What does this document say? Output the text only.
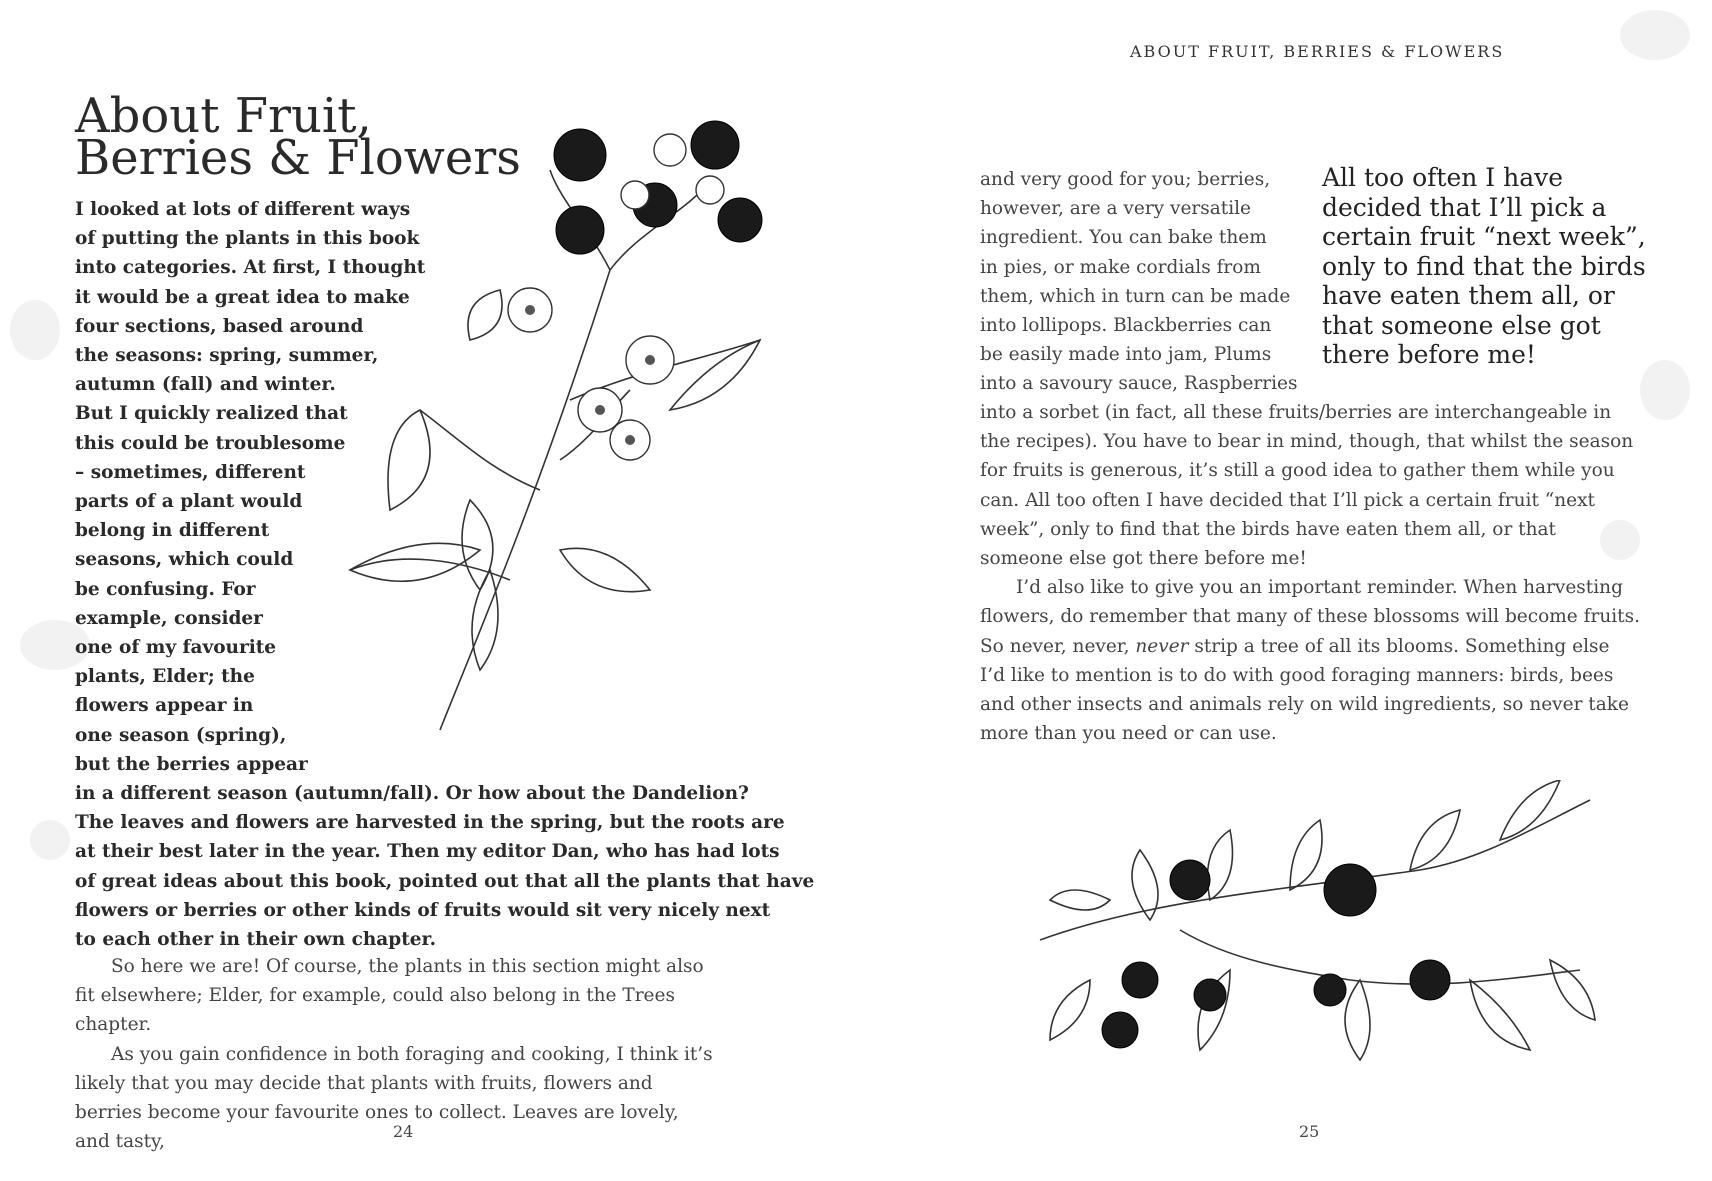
ABOUT FRUIT, BERRIES & FLOWERS
About Fruit,
Berries & Flowers
I looked at lots of different ways
of putting the plants in this book
into categories. At first, I thought
it would be a great idea to make
four sections, based around
the seasons: spring, summer,
autumn (fall) and winter.
But I quickly realized that
this could be troublesome
– sometimes, different
parts of a plant would
belong in different
seasons, which could
be confusing. For
example, consider
one of my favourite
plants, Elder; the
flowers appear in
one season (spring),
but the berries appear
in a different season (autumn/fall). Or how about the Dandelion?
The leaves and flowers are harvested in the spring, but the roots are
at their best later in the year. Then my editor Dan, who has had lots
of great ideas about this book, pointed out that all the plants that have
flowers or berries or other kinds of fruits would sit very nicely next
to each other in their own chapter.
So here we are! Of course, the plants in this section might also fit elsewhere; Elder, for example, could also belong in the Trees chapter.
As you gain confidence in both foraging and cooking, I think it’s likely that you may decide that plants with fruits, flowers and berries become your favourite ones to collect. Leaves are lovely, and tasty,
and very good for you; berries,
however, are a very versatile
ingredient. You can bake them
in pies, or make cordials from
them, which in turn can be made
into lollipops. Blackberries can
be easily made into jam, Plums
into a savoury sauce, Raspberries
All too often I have decided that I’ll pick a certain fruit “next week”, only to find that the birds have eaten them all, or that someone else got there before me!

into a sorbet (in fact, all these fruits/berries are interchangeable in the recipes). You have to bear in mind, though, that whilst the season for fruits is generous, it’s still a good idea to gather them while you can. All too often I have decided that I’ll pick a certain fruit “next week”, only to find that the birds have eaten them all, or that someone else got there before me!

I’d also like to give you an important reminder. When harvesting flowers, do remember that many of these blossoms will become fruits. So never, never, never strip a tree of all its blooms. Something else I’d like to mention is to do with good foraging manners: birds, bees and other insects and animals rely on wild ingredients, so never take more than you need or can use.

24	25
